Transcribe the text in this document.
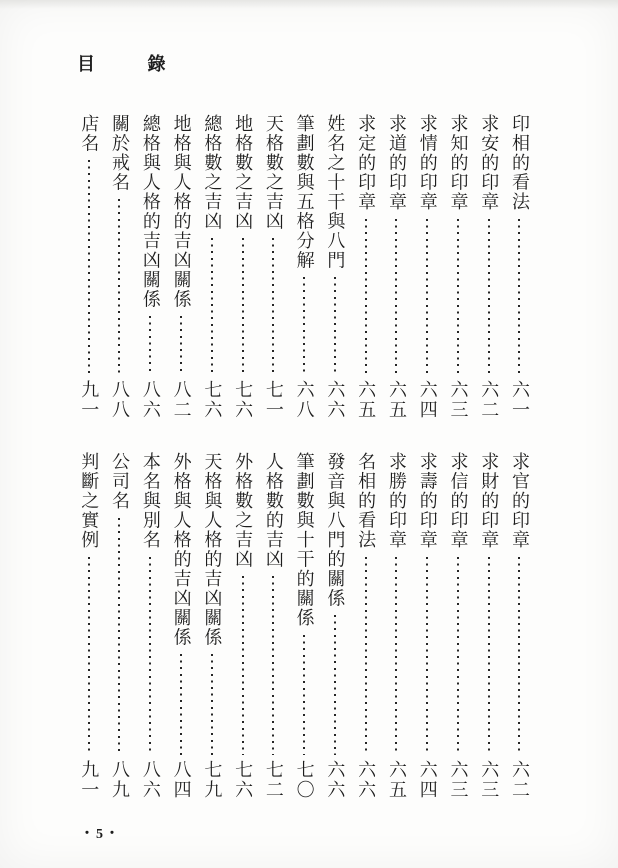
目 錄
印相的看法
六一
求安的印章
六二
求知的印章
六三
求情的印章
六四
求道的印章
六五
求定的印章
六五
姓名之十干與八門
六六
筆劃數與五格分解
六八
天格數之吉凶
七一
地格數之吉凶
七六
總格數之吉凶
七六
地格與人格的吉凶關係
八二
總格與人格的吉凶關係
八六
關於戒名
八八
店名
九一
求官的印章
六二
求財的印章
六三
求信的印章
六三
求壽的印章
六四
求勝的印章
六五
名相的看法
六六
發音與八門的關係
六六
筆劃數與十干的關係
七〇
人格數的吉凶
七二
外格數之吉凶
七六
天格與人格的吉凶關係
七九
外格與人格的吉凶關係
八四
本名與別名
八六
公司名
八九
判斷之實例
九一
・5・
